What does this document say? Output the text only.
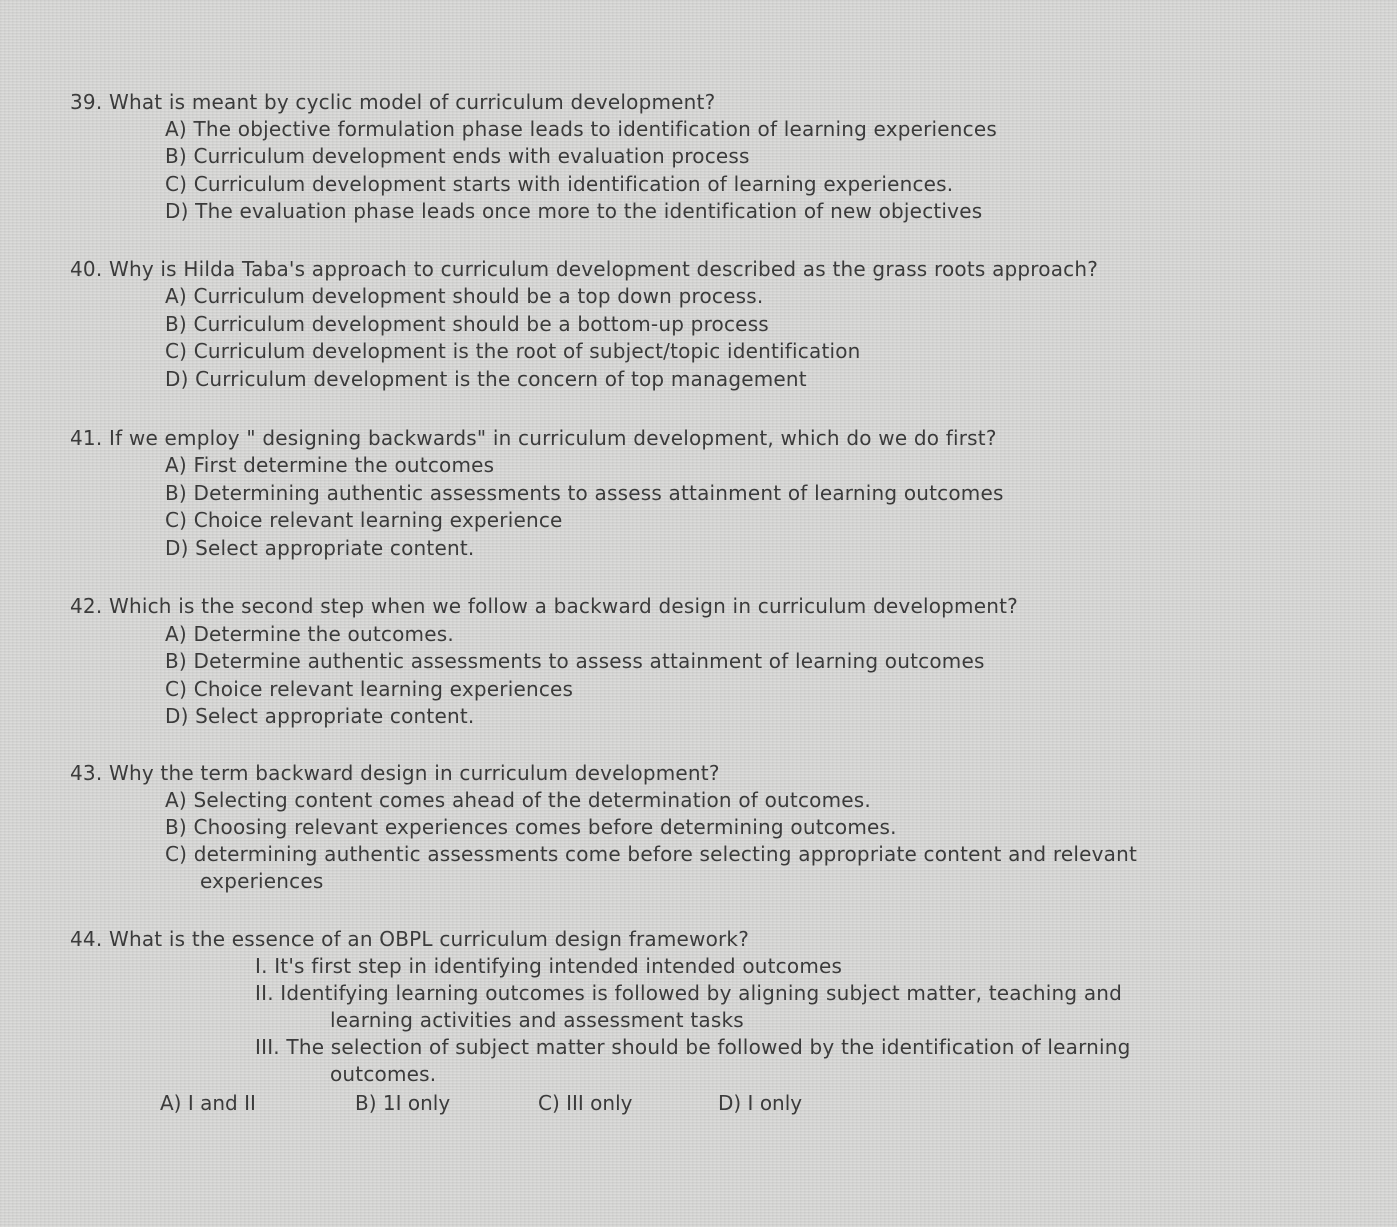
39. What is meant by cyclic model of curriculum development?
A) The objective formulation phase leads to identification of learning experiences
B) Curriculum development ends with evaluation process
C) Curriculum development starts with identification of learning experiences.
D) The evaluation phase leads once more to the identification of new objectives
40. Why is Hilda Taba's approach to curriculum development described as the grass roots approach?
A) Curriculum development should be a top down process.
B) Curriculum development should be a bottom-up process
C) Curriculum development is the root of subject/topic identification
D) Curriculum development is the concern of top management
41. If we employ " designing backwards" in curriculum development, which do we do first?
A) First determine the outcomes
B) Determining authentic assessments to assess attainment of learning outcomes
C) Choice relevant learning experience
D) Select appropriate content.
42. Which is the second step when we follow a backward design in curriculum development?
A) Determine the outcomes.
B) Determine authentic assessments to assess attainment of learning outcomes
C) Choice relevant learning experiences
D) Select appropriate content.
43. Why the term backward design in curriculum development?
A) Selecting content comes ahead of the determination of outcomes.
B) Choosing relevant experiences comes before determining outcomes.
C) determining authentic assessments come before selecting appropriate content and relevant
experiences
44. What is the essence of an OBPL curriculum design framework?
I. It's first step in identifying intended intended outcomes
II. Identifying learning outcomes is followed by aligning subject matter, teaching and
learning activities and assessment tasks
III. The selection of subject matter should be followed by the identification of learning
outcomes.
A) I and II	B) 1I only	C) III only	D) I only
